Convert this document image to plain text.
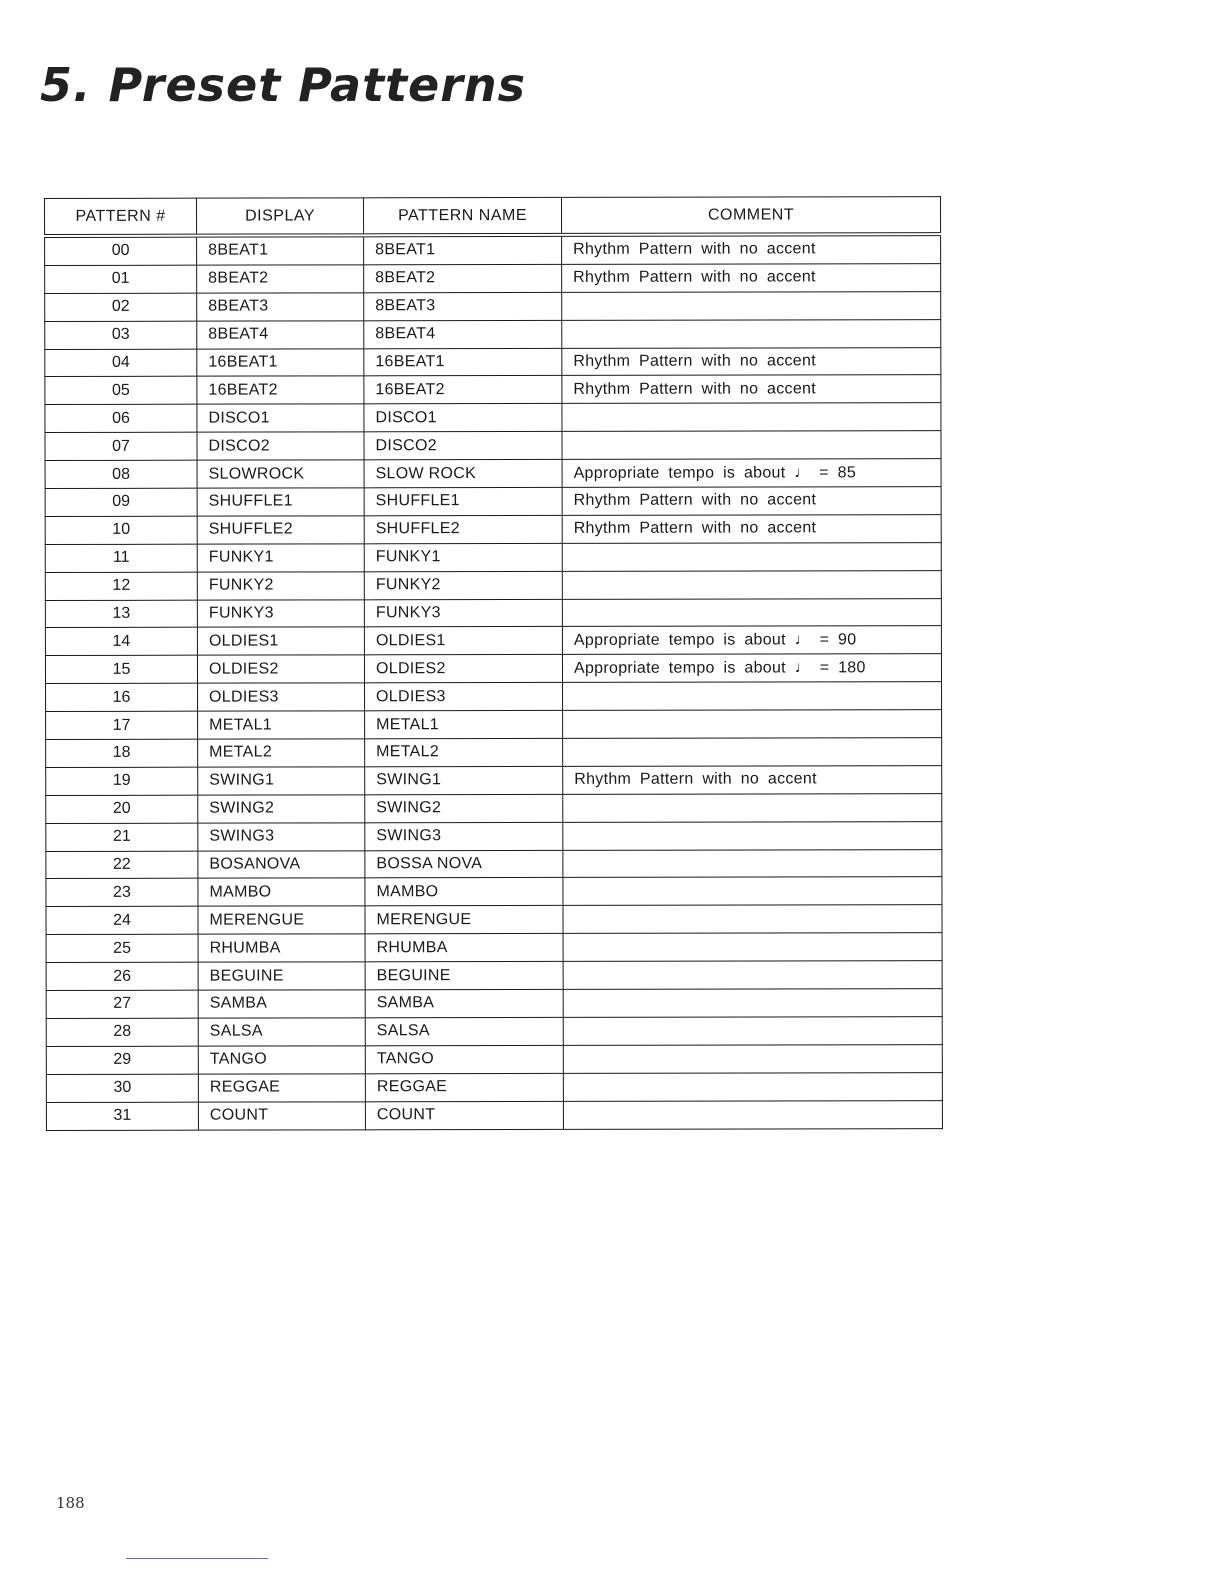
5. Preset Patterns
PATTERN #	DISPLAY	PATTERN NAME	COMMENT
00	8BEAT1	8BEAT1	Rhythm Pattern with no accent
01	8BEAT2	8BEAT2	Rhythm Pattern with no accent
02	8BEAT3	8BEAT3	
03	8BEAT4	8BEAT4	
04	16BEAT1	16BEAT1	Rhythm Pattern with no accent
05	16BEAT2	16BEAT2	Rhythm Pattern with no accent
06	DISCO1	DISCO1	
07	DISCO2	DISCO2	
08	SLOWROCK	SLOW ROCK	Appropriate tempo is about ♩ = 85
09	SHUFFLE1	SHUFFLE1	Rhythm Pattern with no accent
10	SHUFFLE2	SHUFFLE2	Rhythm Pattern with no accent
11	FUNKY1	FUNKY1	
12	FUNKY2	FUNKY2	
13	FUNKY3	FUNKY3	
14	OLDIES1	OLDIES1	Appropriate tempo is about ♩ = 90
15	OLDIES2	OLDIES2	Appropriate tempo is about ♩ = 180
16	OLDIES3	OLDIES3	
17	METAL1	METAL1	
18	METAL2	METAL2	
19	SWING1	SWING1	Rhythm Pattern with no accent
20	SWING2	SWING2	
21	SWING3	SWING3	
22	BOSANOVA	BOSSA NOVA	
23	MAMBO	MAMBO	
24	MERENGUE	MERENGUE	
25	RHUMBA	RHUMBA	
26	BEGUINE	BEGUINE	
27	SAMBA	SAMBA	
28	SALSA	SALSA	
29	TANGO	TANGO	
30	REGGAE	REGGAE	
31	COUNT	COUNT	
188
